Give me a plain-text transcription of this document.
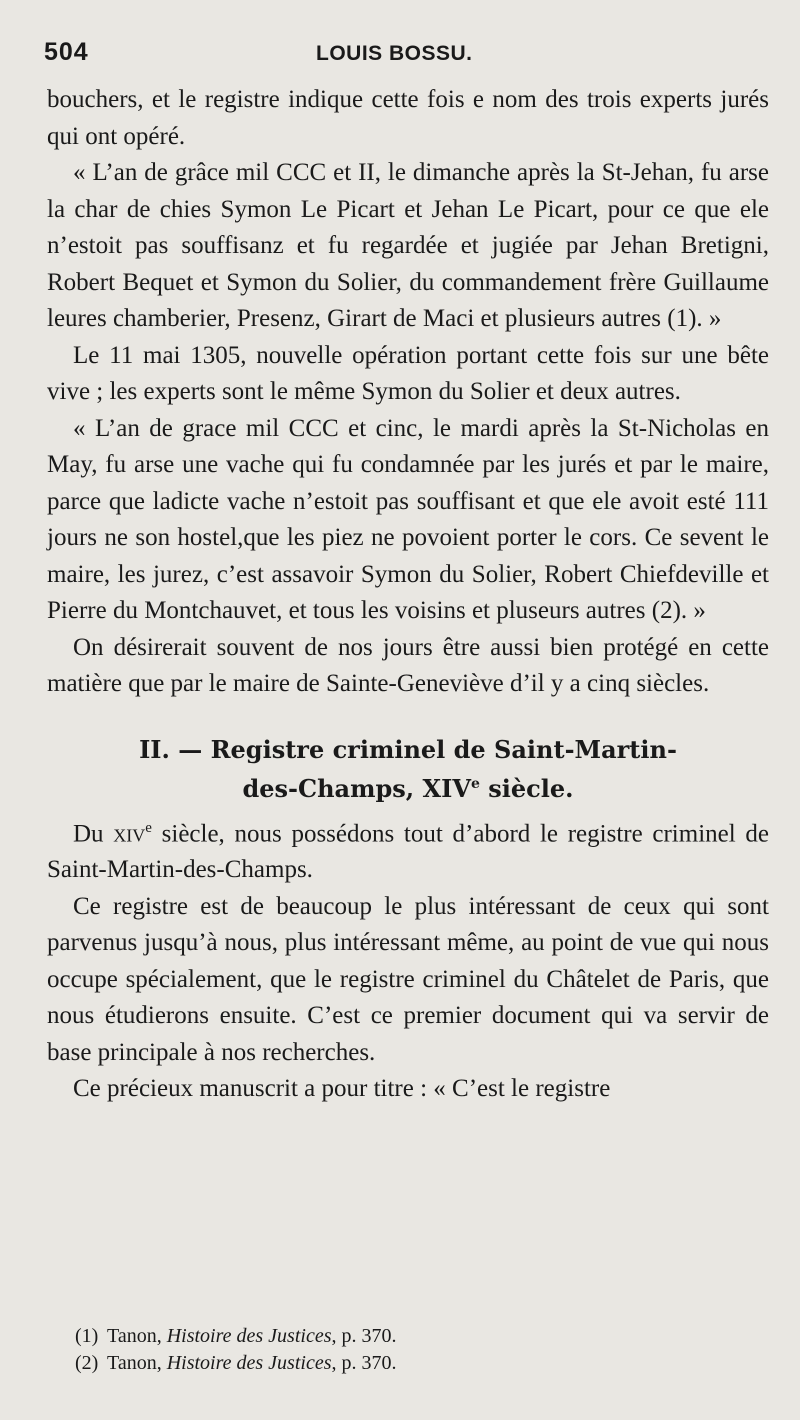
504	LOUIS BOSSU.

bouchers, et le registre indique cette fois e nom des trois experts jurés qui ont opéré.

« L’an de grâce mil CCC et II, le dimanche après la St-Jehan, fu arse la char de chies Symon Le Picart et Jehan Le Picart, pour ce que ele n’estoit pas souffisanz et fu regardée et jugiée par Jehan Bretigni, Robert Bequet et Symon du Solier, du commandement frère Guillaume leures chamberier, Presenz, Girart de Maci et plusieurs autres (1). »

Le 11 mai 1305, nouvelle opération portant cette fois sur une bête vive ; les experts sont le même Symon du Solier et deux autres.

« L’an de grace mil CCC et cinc, le mardi après la St-Nicholas en May, fu arse une vache qui fu condamnée par les jurés et par le maire, parce que ladicte vache n’estoit pas souffisant et que ele avoit esté 111 jours ne son hostel,que les piez ne povoient porter le cors. Ce sevent le maire, les jurez, c’est assavoir Symon du Solier, Robert Chiefdeville et Pierre du Montchauvet, et tous les voisins et pluseurs autres (2). »

On désirerait souvent de nos jours être aussi bien protégé en cette matière que par le maire de Sainte-Geneviève d’il y a cinq siècles.

II. — Registre criminel de Saint-Martin-
des-Champs, XIVe siècle.

Du xiv$^e$ siècle, nous possédons tout d’abord le registre criminel de Saint-Martin-des-Champs.

Ce registre est de beaucoup le plus intéressant de ceux qui sont parvenus jusqu’à nous, plus intéressant même, au point de vue qui nous occupe spécialement, que le registre criminel du Châtelet de Paris, que nous étudierons ensuite. C’est ce premier document qui va servir de base principale à nos recherches.

Ce précieux manuscrit a pour titre : « C’est le registre

(1) Tanon, Histoire des Justices, p. 370.
(2) Tanon, Histoire des Justices, p. 370.
